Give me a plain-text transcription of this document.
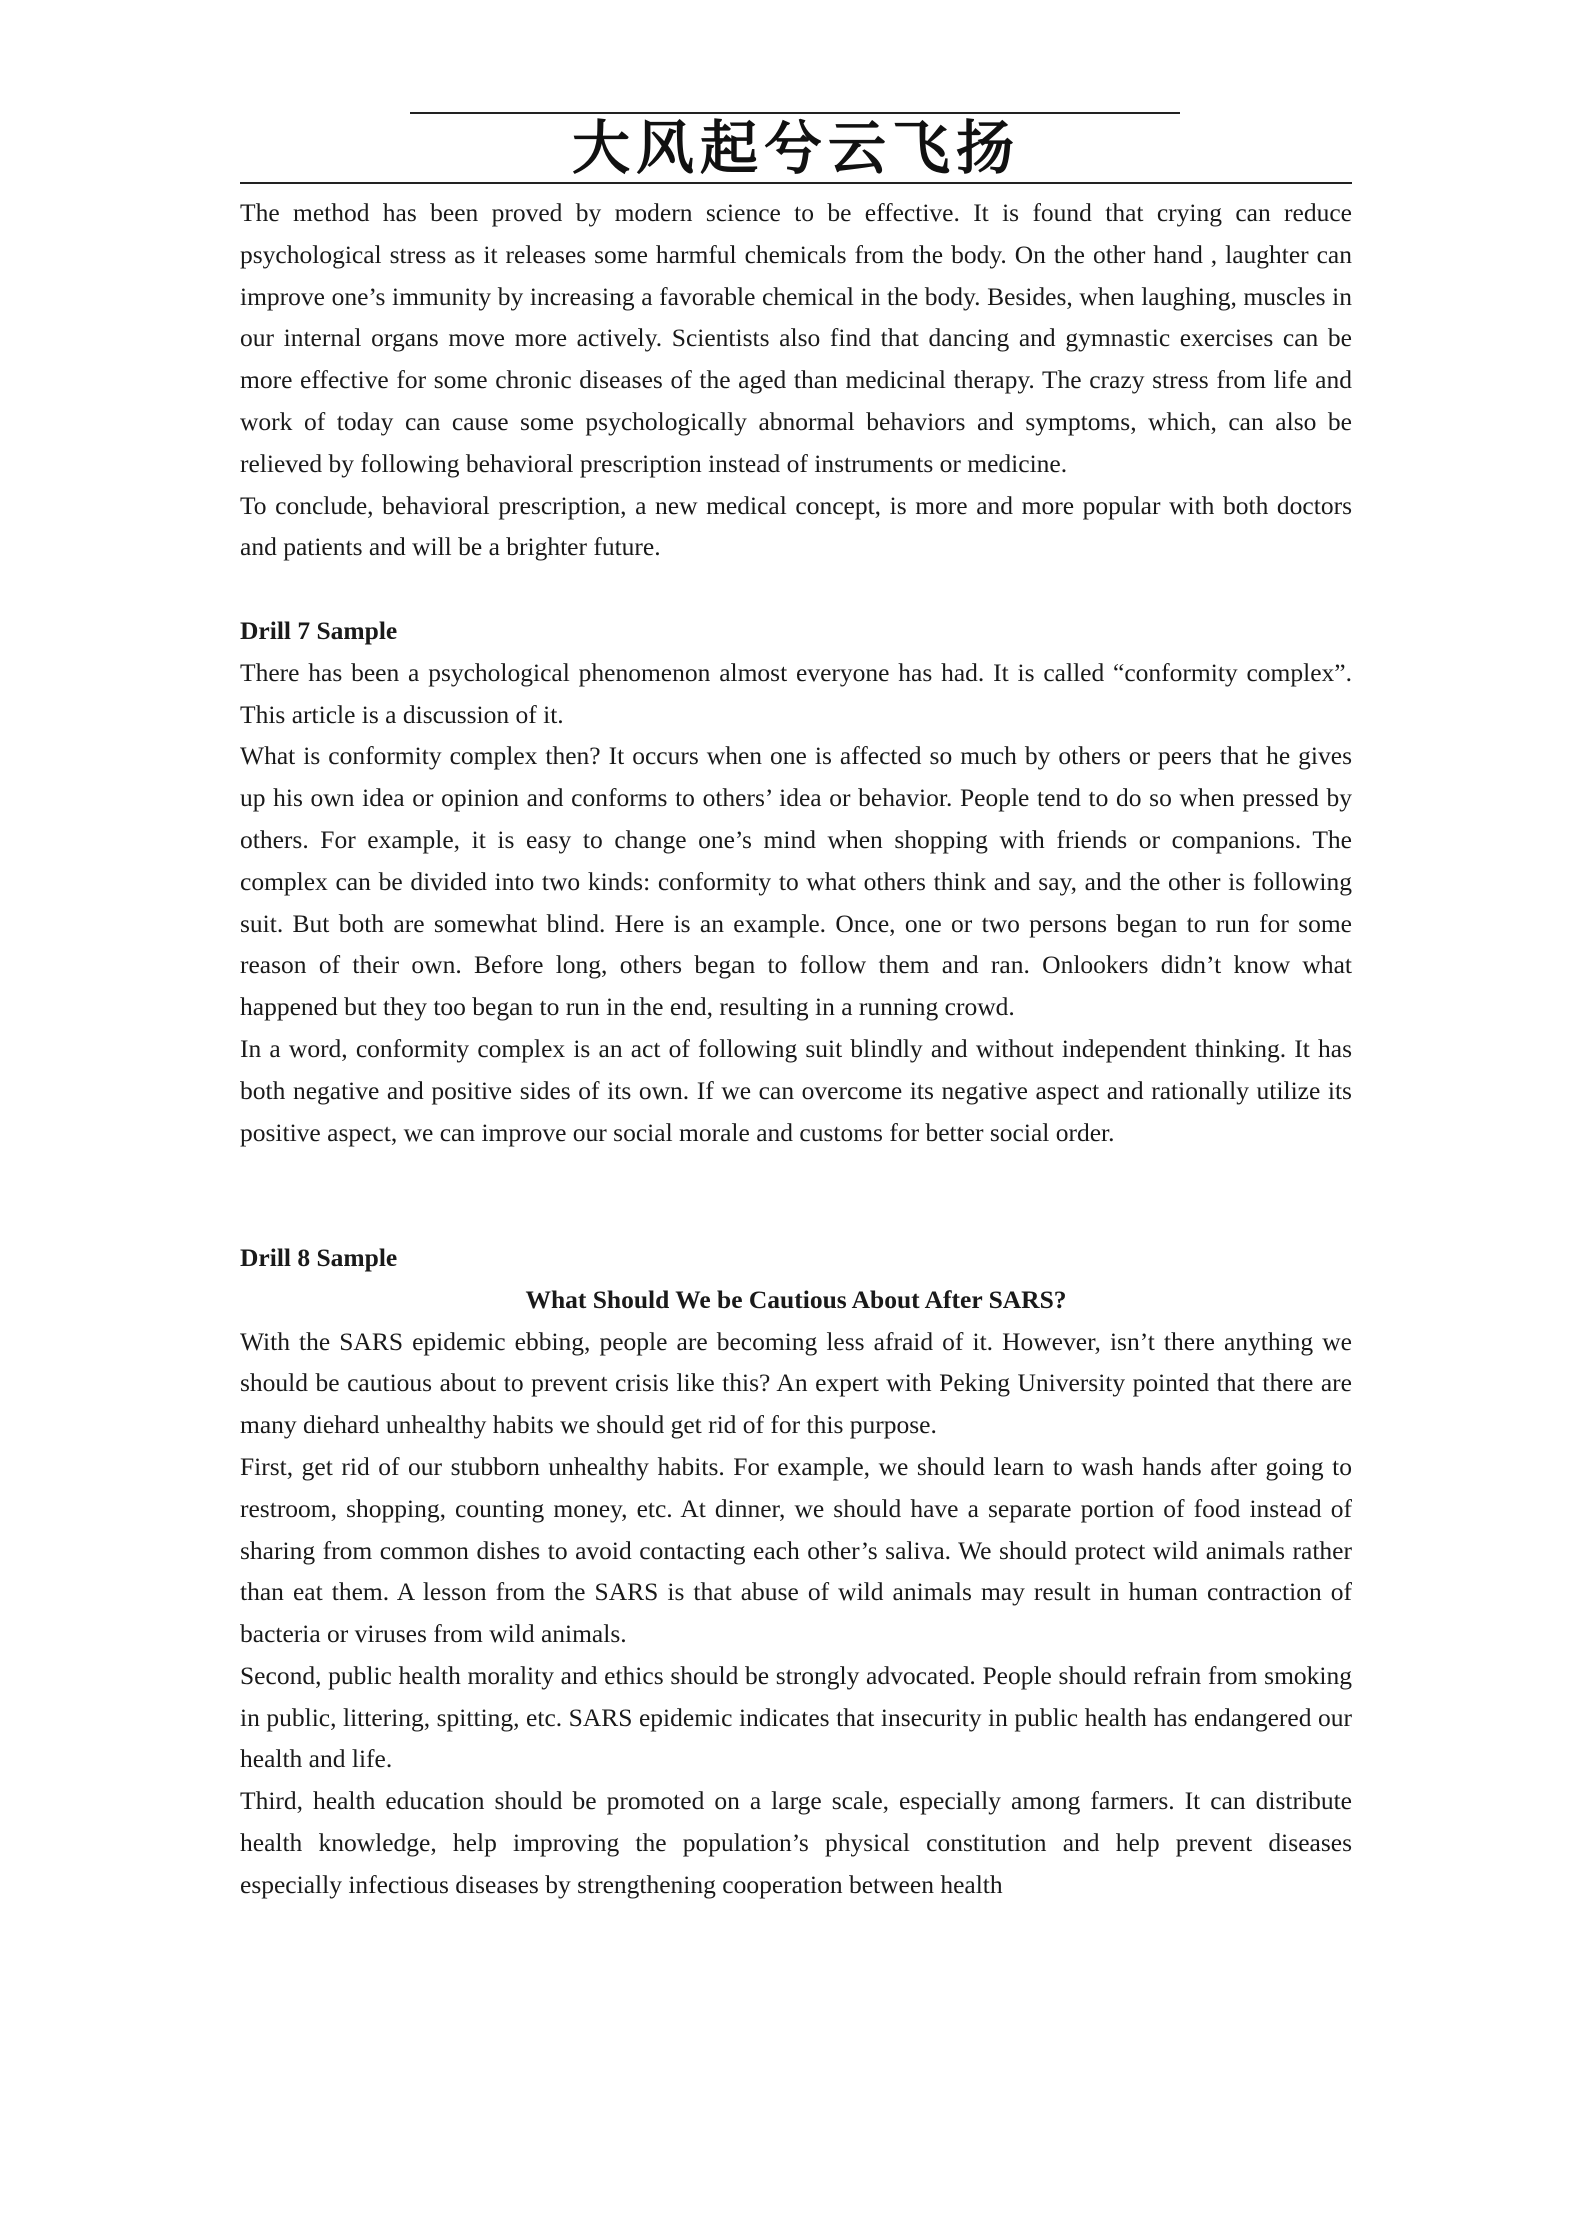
大风起兮云飞扬

The method has been proved by modern science to be effective. It is found that crying can reduce psychological stress as it releases some harmful chemicals from the body. On the other hand , laughter can improve one’s immunity by increasing a favorable chemical in the body. Besides, when laughing, muscles in our internal organs move more actively. Scientists also find that dancing and gymnastic exercises can be more effective for some chronic diseases of the aged than medicinal therapy. The crazy stress from life and work of today can cause some psychologically abnormal behaviors and symptoms, which, can also be relieved by following behavioral prescription instead of instruments or medicine.

To conclude, behavioral prescription, a new medical concept, is more and more popular with both doctors and patients and will be a brighter future.

Drill 7 Sample

There has been a psychological phenomenon almost everyone has had. It is called “conformity complex”. This article is a discussion of it.

What is conformity complex then? It occurs when one is affected so much by others or peers that he gives up his own idea or opinion and conforms to others’ idea or behavior. People tend to do so when pressed by others. For example, it is easy to change one’s mind when shopping with friends or companions. The complex can be divided into two kinds: conformity to what others think and say, and the other is following suit. But both are somewhat blind. Here is an example. Once, one or two persons began to run for some reason of their own. Before long, others began to follow them and ran. Onlookers didn’t know what happened but they too began to run in the end, resulting in a running crowd.

In a word, conformity complex is an act of following suit blindly and without independent thinking. It has both negative and positive sides of its own. If we can overcome its negative aspect and rationally utilize its positive aspect, we can improve our social morale and customs for better social order.

Drill 8 Sample

What Should We be Cautious About After SARS?

With the SARS epidemic ebbing, people are becoming less afraid of it. However, isn’t there anything we should be cautious about to prevent crisis like this? An expert with Peking University pointed that there are many diehard unhealthy habits we should get rid of for this purpose.

First, get rid of our stubborn unhealthy habits. For example, we should learn to wash hands after going to restroom, shopping, counting money, etc. At dinner, we should have a separate portion of food instead of sharing from common dishes to avoid contacting each other’s saliva. We should protect wild animals rather than eat them. A lesson from the SARS is that abuse of wild animals may result in human contraction of bacteria or viruses from wild animals.

Second, public health morality and ethics should be strongly advocated. People should refrain from smoking in public, littering, spitting, etc. SARS epidemic indicates that insecurity in public health has endangered our health and life.

Third, health education should be promoted on a large scale, especially among farmers. It can distribute health knowledge, help improving the population’s physical constitution and help prevent diseases especially infectious diseases by strengthening cooperation between health
